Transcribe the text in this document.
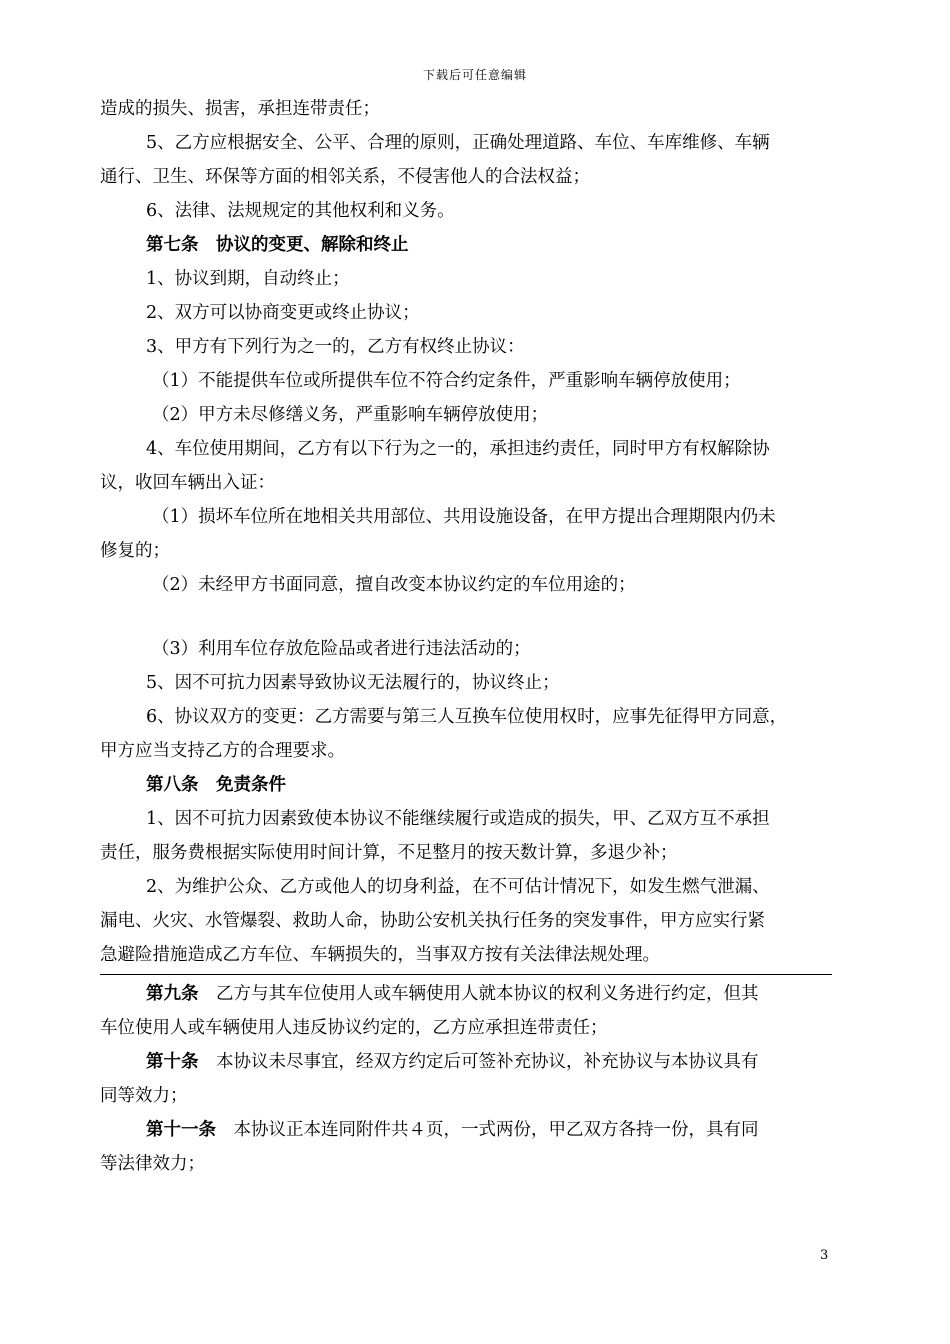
下载后可任意编辑
造成的损失、损害，承担连带责任；
5、乙方应根据安全、公平、合理的原则，正确处理道路、车位、车库维修、车辆
通行、卫生、环保等方面的相邻关系，不侵害他人的合法权益；
6、法律、法规规定的其他权利和义务。
第七条　协议的变更、解除和终止
1、协议到期，自动终止；
2、双方可以协商变更或终止协议；
3、甲方有下列行为之一的，乙方有权终止协议：
（1）不能提供车位或所提供车位不符合约定条件，严重影响车辆停放使用；
（2）甲方未尽修缮义务，严重影响车辆停放使用；
4、车位使用期间，乙方有以下行为之一的，承担违约责任，同时甲方有权解除协
议，收回车辆出入证：
（1）损坏车位所在地相关共用部位、共用设施设备，在甲方提出合理期限内仍未
修复的；
（2）未经甲方书面同意，擅自改变本协议约定的车位用途的；
（3）利用车位存放危险品或者进行违法活动的；
5、因不可抗力因素导致协议无法履行的，协议终止；
6、协议双方的变更：乙方需要与第三人互换车位使用权时，应事先征得甲方同意，
甲方应当支持乙方的合理要求。
第八条　免责条件
1、因不可抗力因素致使本协议不能继续履行或造成的损失，甲、乙双方互不承担
责任，服务费根据实际使用时间计算，不足整月的按天数计算，多退少补；
2、为维护公众、乙方或他人的切身利益，在不可估计情况下，如发生燃气泄漏、
漏电、火灾、水管爆裂、救助人命，协助公安机关执行任务的突发事件，甲方应实行紧
急避险措施造成乙方车位、车辆损失的，当事双方按有关法律法规处理。
第九条　乙方与其车位使用人或车辆使用人就本协议的权利义务进行约定，但其
车位使用人或车辆使用人违反协议约定的，乙方应承担连带责任；
第十条　本协议未尽事宜，经双方约定后可签补充协议，补充协议与本协议具有
同等效力；
第十一条　本协议正本连同附件共４页，一式两份，甲乙双方各持一份，具有同
等法律效力；
3
